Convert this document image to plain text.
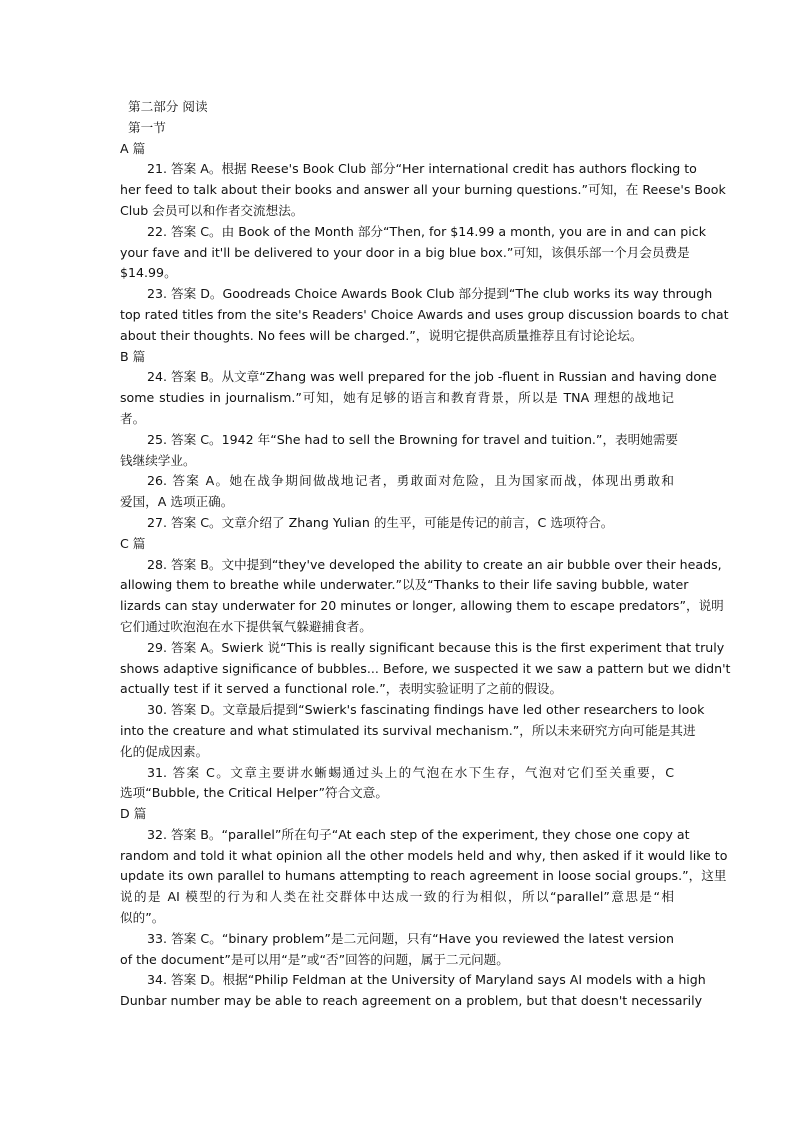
第二部分 阅读
第一节
A 篇
21. 答案 A。根据 Reese's Book Club 部分“Her international credit has authors flocking to
her feed to talk about their books and answer all your burning questions.”可知，在 Reese's Book
Club 会员可以和作者交流想法。
22. 答案 C。由 Book of the Month 部分“Then, for $14.99 a month, you are in and can pick
your fave and it'll be delivered to your door in a big blue box.”可知，该俱乐部一个月会员费是
$14.99。
23. 答案 D。Goodreads Choice Awards Book Club 部分提到“The club works its way through
top rated titles from the site's Readers' Choice Awards and uses group discussion boards to chat
about their thoughts. No fees will be charged.”，说明它提供高质量推荐且有讨论论坛。
B 篇
24. 答案 B。从文章“Zhang was well prepared for the job -fluent in Russian and having done
some studies in journalism.”可知，她有足够的语言和教育背景，所以是 TNA 理想的战地记
者。
25. 答案 C。1942 年“She had to sell the Browning for travel and tuition.”，表明她需要
钱继续学业。
26. 答案 A。她在战争期间做战地记者，勇敢面对危险，且为国家而战，体现出勇敢和
爱国，A 选项正确。
27. 答案 C。文章介绍了 Zhang Yulian 的生平，可能是传记的前言，C 选项符合。
C 篇
28. 答案 B。文中提到“they've developed the ability to create an air bubble over their heads,
allowing them to breathe while underwater.”以及“Thanks to their life saving bubble, water
lizards can stay underwater for 20 minutes or longer, allowing them to escape predators”，说明
它们通过吹泡泡在水下提供氧气躲避捕食者。
29. 答案 A。Swierk 说“This is really significant because this is the first experiment that truly
shows adaptive significance of bubbles... Before, we suspected it we saw a pattern but we didn't
actually test if it served a functional role.”，表明实验证明了之前的假设。
30. 答案 D。文章最后提到“Swierk's fascinating findings have led other researchers to look
into the creature and what stimulated its survival mechanism.”，所以未来研究方向可能是其进
化的促成因素。
31. 答案 C。文章主要讲水蜥蜴通过头上的气泡在水下生存，气泡对它们至关重要，C
选项“Bubble, the Critical Helper”符合文意。
D 篇
32. 答案 B。“parallel”所在句子“At each step of the experiment, they chose one copy at
random and told it what opinion all the other models held and why, then asked if it would like to
update its own parallel to humans attempting to reach agreement in loose social groups.”，这里
说的是 AI 模型的行为和人类在社交群体中达成一致的行为相似，所以“parallel”意思是“相
似的”。
33. 答案 C。“binary problem”是二元问题，只有“Have you reviewed the latest version
of the document”是可以用“是”或“否”回答的问题，属于二元问题。
34. 答案 D。根据“Philip Feldman at the University of Maryland says AI models with a high
Dunbar number may be able to reach agreement on a problem, but that doesn't necessarily
